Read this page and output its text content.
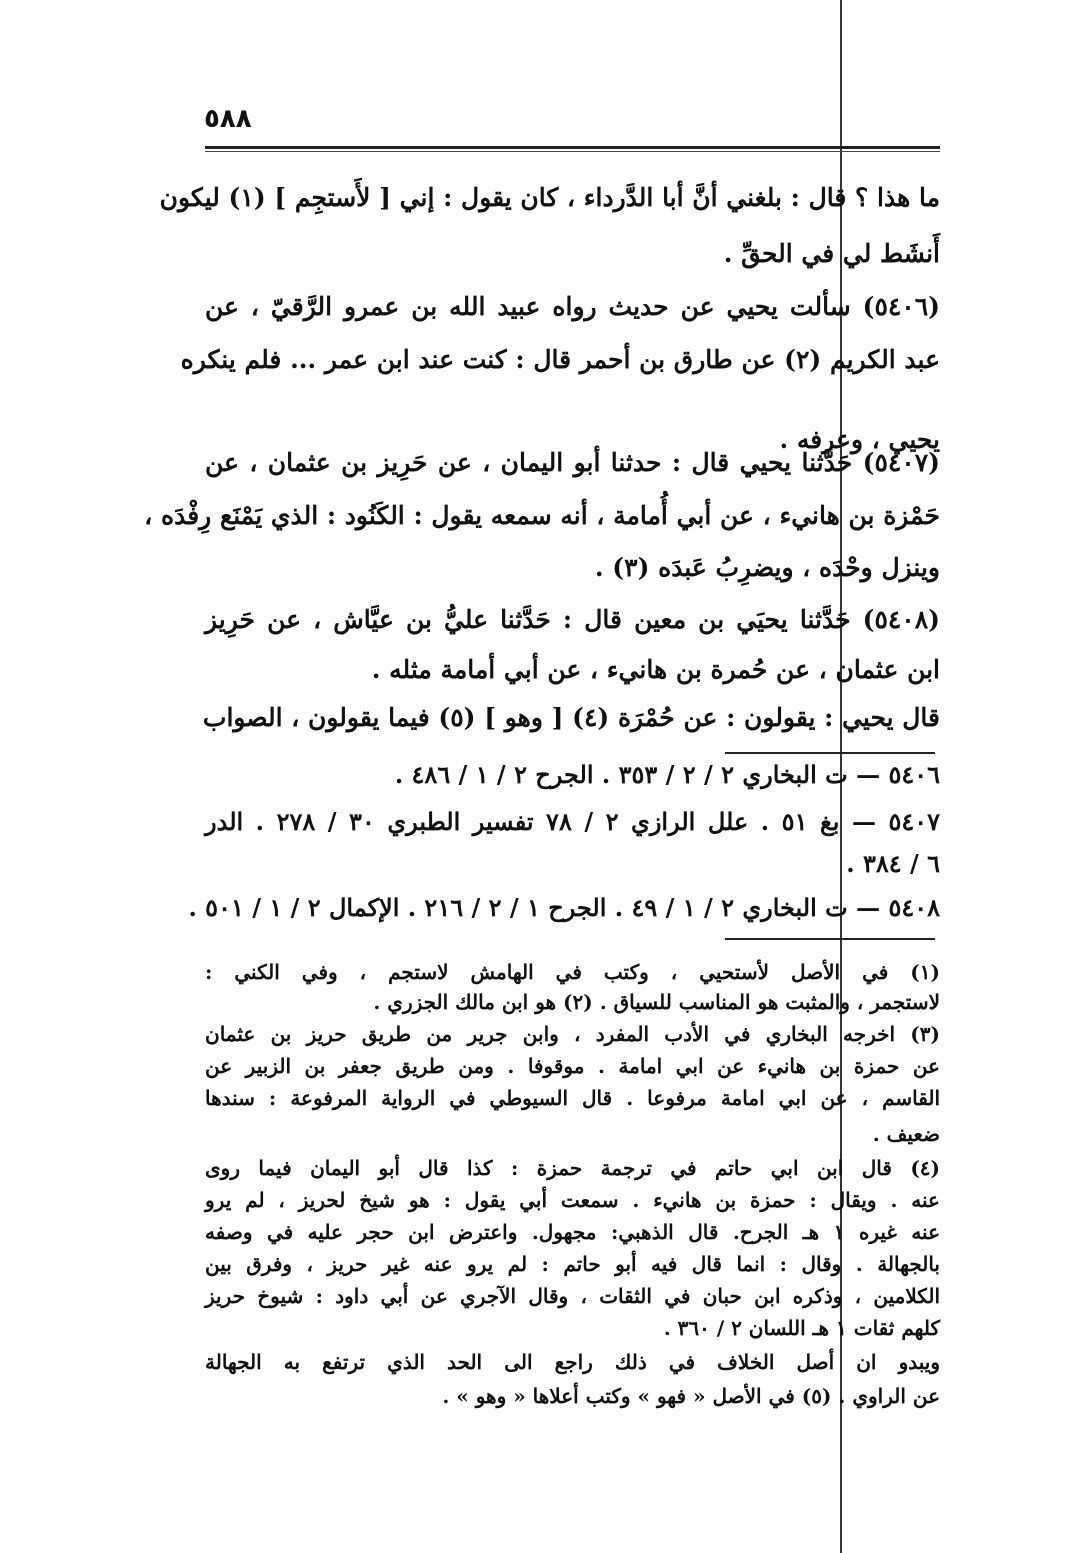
٥٨٨
ما هذا ؟ قال : بلغني أنَّ أبا الدَّرداء ، كان يقول : إني [ لأَستجِم ] (١) ليكون
أَنشَط لي في الحقِّ .
(٥٤٠٦) سألت يحيي عن حديث رواه عبيد الله بن عمرو الرَّقيّ ، عن
عبد الكريم (٢) عن طارق بن أحمر قال : كنت عند ابن عمر ... فلم ينكره
يحيي ، وعرفه .
(٥٤٠٧) حَدَّثنا يحيي قال : حدثنا أبو اليمان ، عن حَرِيز بن عثمان ، عن
حَمْزة بن هانيء ، عن أبي أُمامة ، أنه سمعه يقول : الكَنُود : الذي يَمْنَع رِفْدَه ،
وينزل وحْدَه ، ويضرِبُ عَبدَه (٣) .
(٥٤٠٨) حَدَّثنا يحيَي بن معين قال : حَدَّثنا عليُّ بن عيَّاش ، عن حَرِيز
ابن عثمان ، عن حُمرة بن هانيء ، عن أبي أمامة مثله .
قال يحيي : يقولون : عن حُمْرَة (٤) [ وهو ] (٥) فيما يقولون ، الصواب
٥٤٠٦ — ت البخاري ٢ / ٢ / ٣٥٣ . الجرح ٢ / ١ / ٤٨٦ .
٥٤٠٧ — بغ ٥١ . علل الرازي ٢ / ٧٨ تفسير الطبري ٣٠ / ٢٧٨ . الدر
٦ / ٣٨٤ .
٥٤٠٨ — ت البخاري ٢ / ١ / ٤٩ . الجرح ١ / ٢ / ٢١٦ . الإكمال ٢ / ١ / ٥٠١ .
(١) في الأصل لأستحيي ، وكتب في الهامش لاستجم ، وفي الكني :
لاستجمر ، والمثبت هو المناسب للسياق . (٢) هو ابن مالك الجزري .
(٣) اخرجه البخاري في الأدب المفرد ، وابن جرير من طريق حريز بن عثمان
عن حمزة بن هانيء عن ابي امامة . موقوفا . ومن طريق جعفر بن الزبير عن
القاسم ، عن ابي امامة مرفوعا . قال السيوطي في الرواية المرفوعة : سندها
ضعيف .
(٤) قال ابن ابي حاتم في ترجمة حمزة : كذا قال أبو اليمان فيما روى
عنه . ويقال : حمزة بن هانيء . سمعت أبي يقول : هو شيخ لحريز ، لم يرو
عنه غيره ١ هـ الجرح. قال الذهبي: مجهول. واعترض ابن حجر عليه في وصفه
بالجهالة . وقال : انما قال فيه أبو حاتم : لم يرو عنه غير حريز ، وفرق بين
الكلامين ، وذكره ابن حبان في الثقات ، وقال الآجري عن أبي داود : شيوخ حريز
كلهم ثقات ١ هـ اللسان ٢ / ٣٦٠ .
ويبدو ان أصل الخلاف في ذلك راجع الى الحد الذي ترتفع به الجهالة
عن الراوي . (٥) في الأصل « فهو » وكتب أعلاها « وهو » .
